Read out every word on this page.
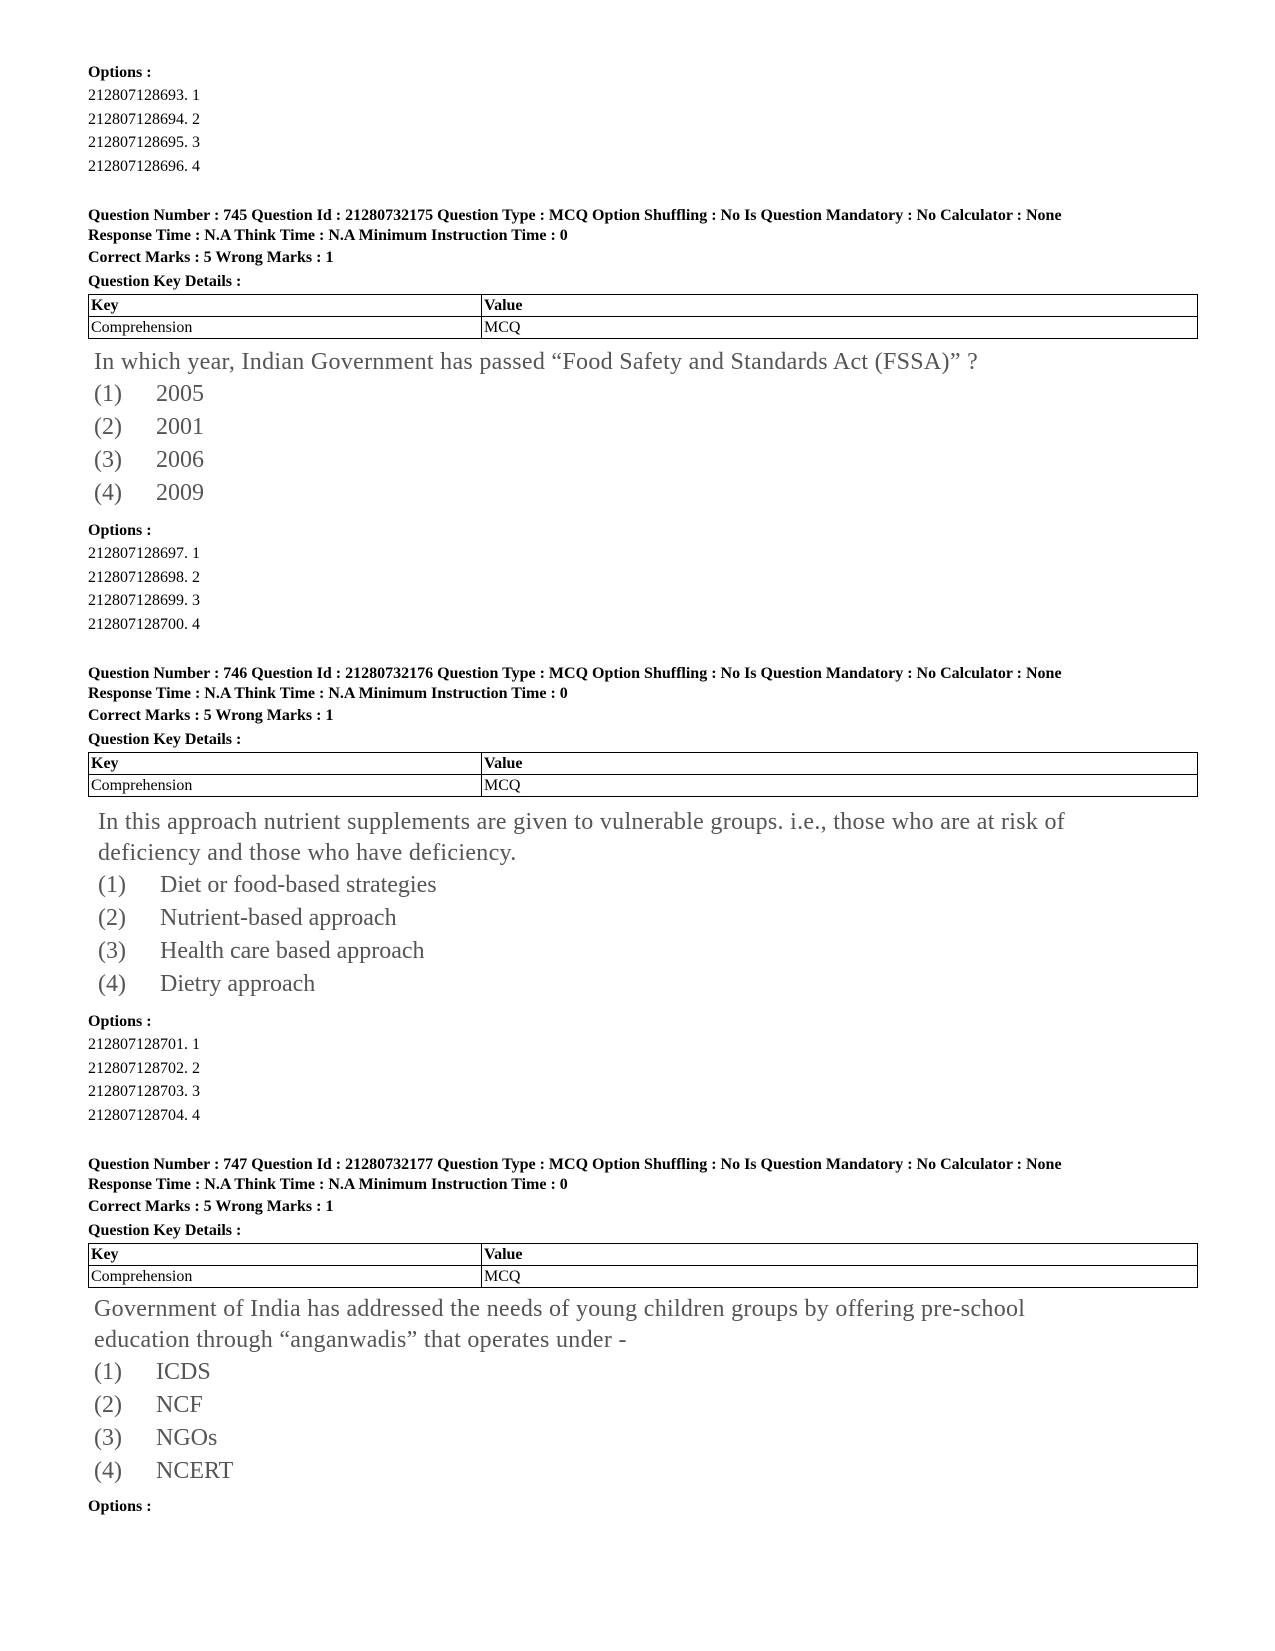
Options :
212807128693. 1
212807128694. 2
212807128695. 3
212807128696. 4
Question Number : 745 Question Id : 21280732175 Question Type : MCQ Option Shuffling : No Is Question Mandatory : No Calculator : None
Response Time : N.A Think Time : N.A Minimum Instruction Time : 0
Correct Marks : 5 Wrong Marks : 1
Question Key Details :
Key	Value
Comprehension	MCQ
In which year, Indian Government has passed “Food Safety and Standards Act (FSSA)” ?
(1) 2005
(2) 2001
(3) 2006
(4) 2009
Options :
212807128697. 1
212807128698. 2
212807128699. 3
212807128700. 4
Question Number : 746 Question Id : 21280732176 Question Type : MCQ Option Shuffling : No Is Question Mandatory : No Calculator : None
Response Time : N.A Think Time : N.A Minimum Instruction Time : 0
Correct Marks : 5 Wrong Marks : 1
Question Key Details :
Key	Value
Comprehension	MCQ
In this approach nutrient supplements are given to vulnerable groups. i.e., those who are at risk of
deficiency and those who have deficiency.
(1) Diet or food-based strategies
(2) Nutrient-based approach
(3) Health care based approach
(4) Dietry approach
Options :
212807128701. 1
212807128702. 2
212807128703. 3
212807128704. 4
Question Number : 747 Question Id : 21280732177 Question Type : MCQ Option Shuffling : No Is Question Mandatory : No Calculator : None
Response Time : N.A Think Time : N.A Minimum Instruction Time : 0
Correct Marks : 5 Wrong Marks : 1
Question Key Details :
Key	Value
Comprehension	MCQ
Government of India has addressed the needs of young children groups by offering pre-school
education through “anganwadis” that operates under -
(1) ICDS
(2) NCF
(3) NGOs
(4) NCERT
Options :
